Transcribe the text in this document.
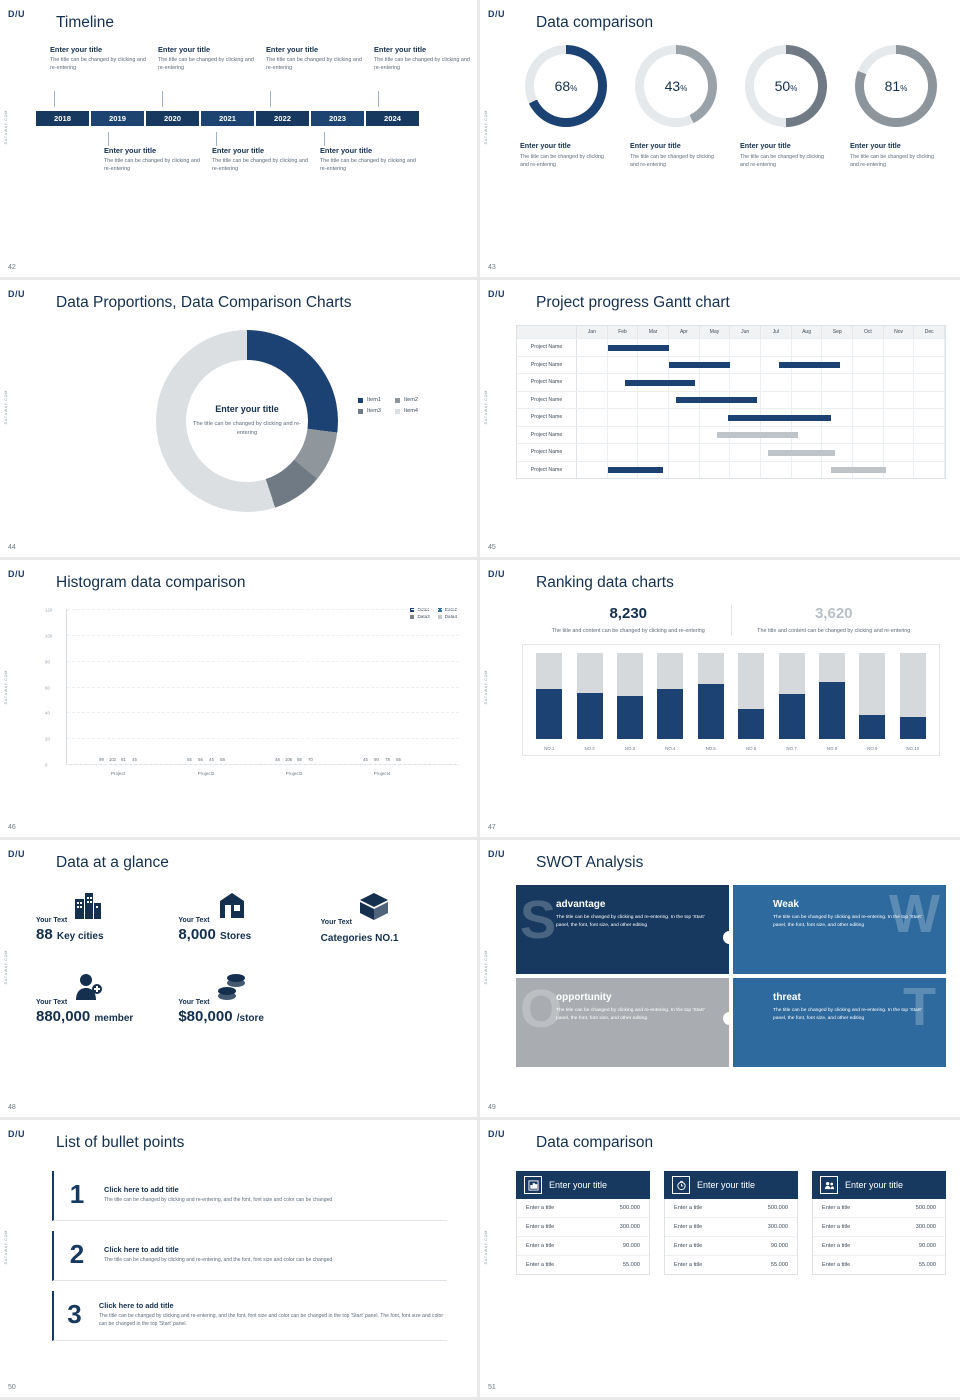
D/U
DATAWAY.COM
42
Timeline
Enter your title
The title can be changed by clicking and re-entering
Enter your title
The title can be changed by clicking and re-entering
Enter your title
The title can be changed by clicking and re-entering
Enter your title
The title can be changed by clicking and re-entering
2018	2019	2020	2021	2022	2023	2024
Enter your title
The title can be changed by clicking and re-entering
Enter your title
The title can be changed by clicking and re-entering
Enter your title
The title can be changed by clicking and re-entering
D/U
DATAWAY.COM
43
Data comparison
68%
Enter your title
The title can be changed by clicking and re-entering
43%
Enter your title
The title can be changed by clicking and re-entering
50%
Enter your title
The title can be changed by clicking and re-entering
81%
Enter your title
The title can be changed by clicking and re-entering
D/U
DATAWAY.COM
44
Data Proportions, Data Comparison Charts
Enter your title
The title can be changed by clicking and re-entering
Item1	Item2
Item3	Item4
D/U
DATAWAY.COM
45
Project progress Gantt chart
Jan	Feb	Mar	Apr	May	Jun	Jul	Aug	Sep	Oct	Nov	Dec
Project Name
Project Name
Project Name
Project Name
Project Name
Project Name
Project Name
Project Name
D/U
DATAWAY.COM
46
Histogram data comparison
Data1	Data2
Data3	Data4
120
100
80
60
40
20
0
99 102 81 45
Project
55 66 45 58
Project2
48 106 88 70
Project3
45 90 78 65
Project4
D/U
DATAWAY.COM
47
Ranking data charts
8,230
The title and content can be changed by clicking and re-entering
3,620
The title and content can be changed by clicking and re-entering
NO.1	NO.2	NO.3	NO.4	NO.5	NO.6	NO.7	NO.8	NO.9	NO.10
D/U
DATAWAY.COM
48
Data at a glance
Your Text
88 Key cities
Your Text
8,000 Stores
Your Text
Categories NO.1
Your Text
880,000 member
Your Text
$80,000 /store
D/U
DATAWAY.COM
49
SWOT Analysis
S advantage
The title can be changed by clicking and re-entering. In the top 'Start' panel, the font, font size, and other editing	W
Weak
The title can be changed by clicking and re-entering. In the top 'Start' panel, the font, font size, and other editing
O
opportunity
The title can be changed by clicking and re-entering. In the top 'Start' panel, the font, font size, and other editing	T
threat
The title can be changed by clicking and re-entering. In the top 'Start' panel, the font, font size, and other editing
D/U
DATAWAY.COM
50
List of bullet points
1	Click here to add title
The title can be changed by clicking and re-entering, and the font, font size and color can be changed
2	Click here to add title
The title can be changed by clicking and re-entering, and the font, font size and color can be changed
3	Click here to add title
The title can be changed by clicking and re-entering, and the font, font size and color can be changed in the top 'Start' panel. The font, font size and color can be changed in the top 'Start' panel.
D/U
DATAWAY.COM
51
Data comparison
Enter your title
Enter a title	500.000
Enter a title	300.000
Enter a title	90.000
Enter a title	55.000
Enter your title
Enter a title	500.000
Enter a title	300.000
Enter a title	90.000
Enter a title	55.000
Enter your title
Enter a title	500.000
Enter a title	300.000
Enter a title	90.000
Enter a title	55.000
